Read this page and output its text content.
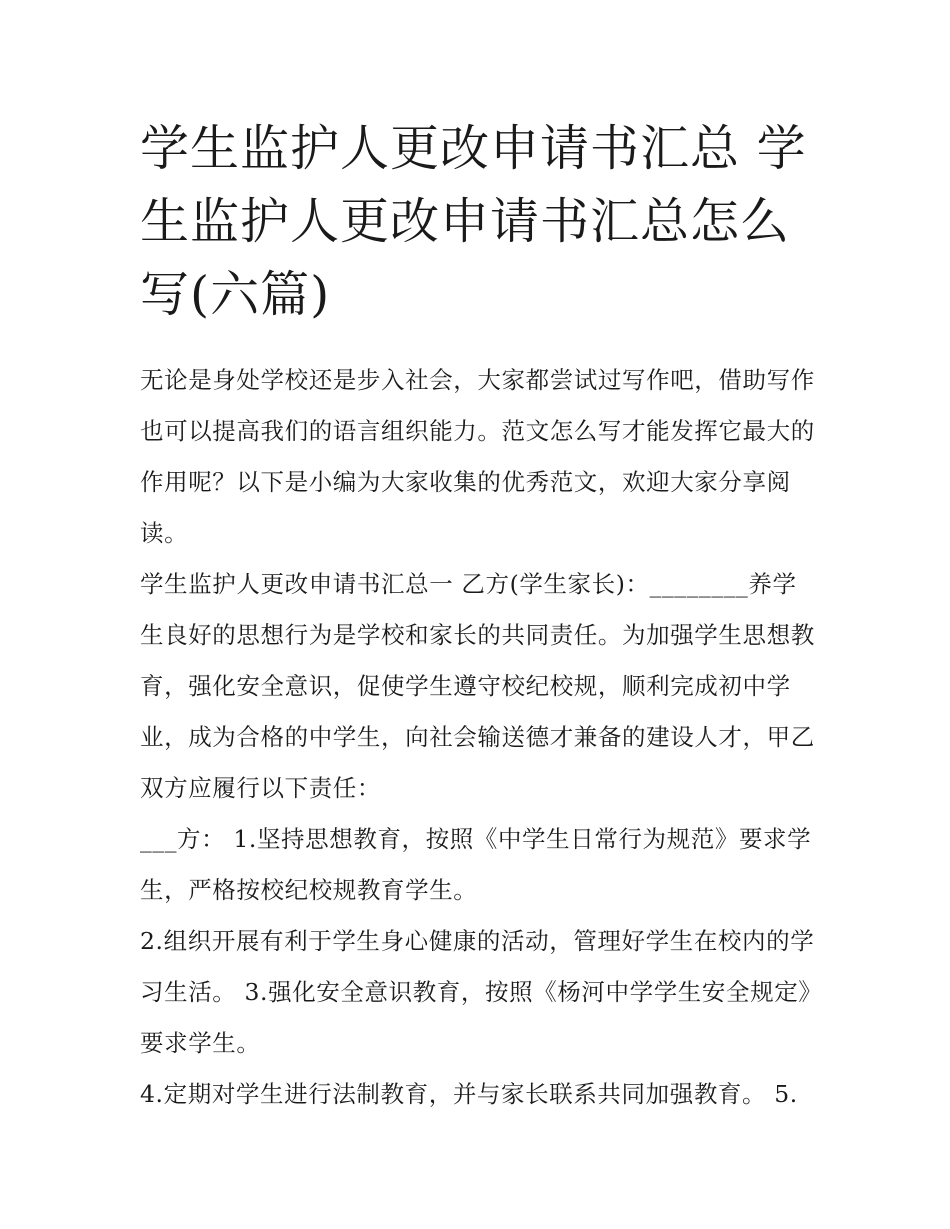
学生监护人更改申请书汇总 学生监护人更改申请书汇总怎么写(六篇)

无论是身处学校还是步入社会，大家都尝试过写作吧，借助写作也可以提高我们的语言组织能力。范文怎么写才能发挥它最大的作用呢？以下是小编为大家收集的优秀范文，欢迎大家分享阅读。

学生监护人更改申请书汇总一 乙方(学生家长)：________养学生良好的思想行为是学校和家长的共同责任。为加强学生思想教育，强化安全意识，促使学生遵守校纪校规，顺利完成初中学业，成为合格的中学生，向社会输送德才兼备的建设人才，甲乙双方应履行以下责任：

___方： 1.坚持思想教育，按照《中学生日常行为规范》要求学生，严格按校纪校规教育学生。

2.组织开展有利于学生身心健康的活动，管理好学生在校内的学习生活。 3.强化安全意识教育，按照《杨河中学学生安全规定》要求学生。

4.定期对学生进行法制教育，并与家长联系共同加强教育。 5.
